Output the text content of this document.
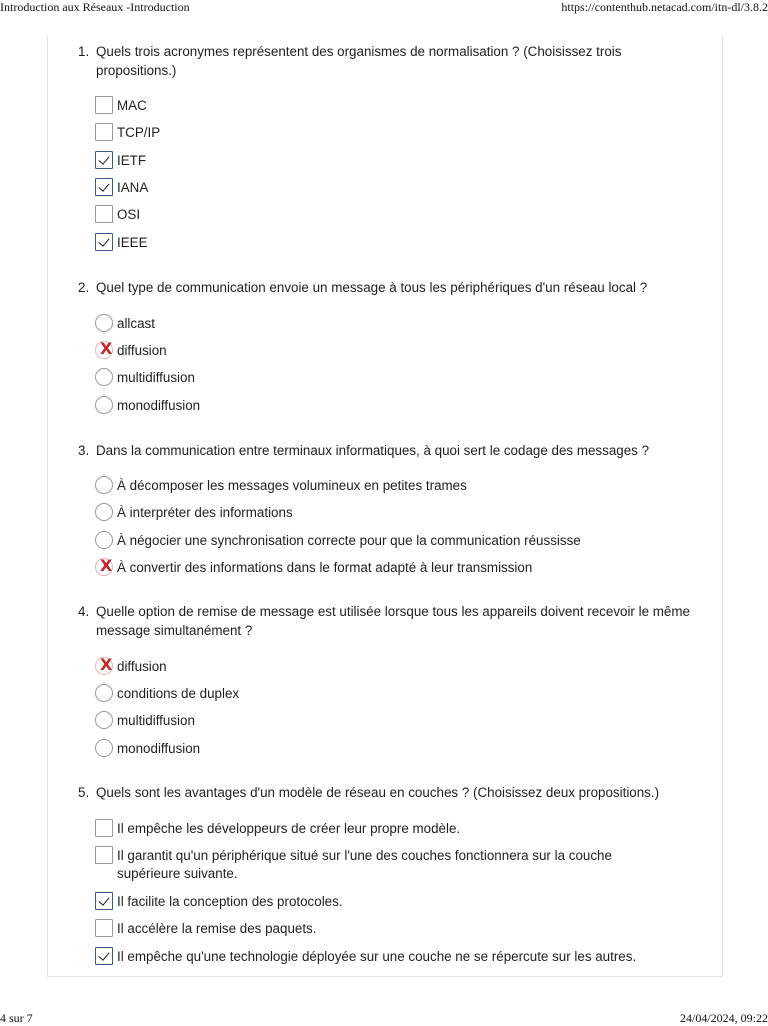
Introduction aux Réseaux -Introduction	https://contenthub.netacad.com/itn-dl/3.8.2
1. Quels trois acronymes représentent des organismes de normalisation ? (Choisissez trois propositions.)
MAC
TCP/IP
IETF
IANA
OSI
IEEE
2. Quel type de communication envoie un message à tous les périphériques d'un réseau local ?
allcast
X diffusion
multidiffusion
monodiffusion
3. Dans la communication entre terminaux informatiques, à quoi sert le codage des messages ?
À décomposer les messages volumineux en petites trames
À interpréter des informations
À négocier une synchronisation correcte pour que la communication réussisse
X À convertir des informations dans le format adapté à leur transmission
4. Quelle option de remise de message est utilisée lorsque tous les appareils doivent recevoir le même message simultanément ?
X diffusion
conditions de duplex
multidiffusion
monodiffusion
5. Quels sont les avantages d'un modèle de réseau en couches ? (Choisissez deux propositions.)
Il empêche les développeurs de créer leur propre modèle.
Il garantit qu'un périphérique situé sur l'une des couches fonctionnera sur la couche supérieure suivante.
Il facilite la conception des protocoles.
Il accélère la remise des paquets.
Il empêche qu'une technologie déployée sur une couche ne se répercute sur les autres.
4 sur 7	24/04/2024, 09:22
